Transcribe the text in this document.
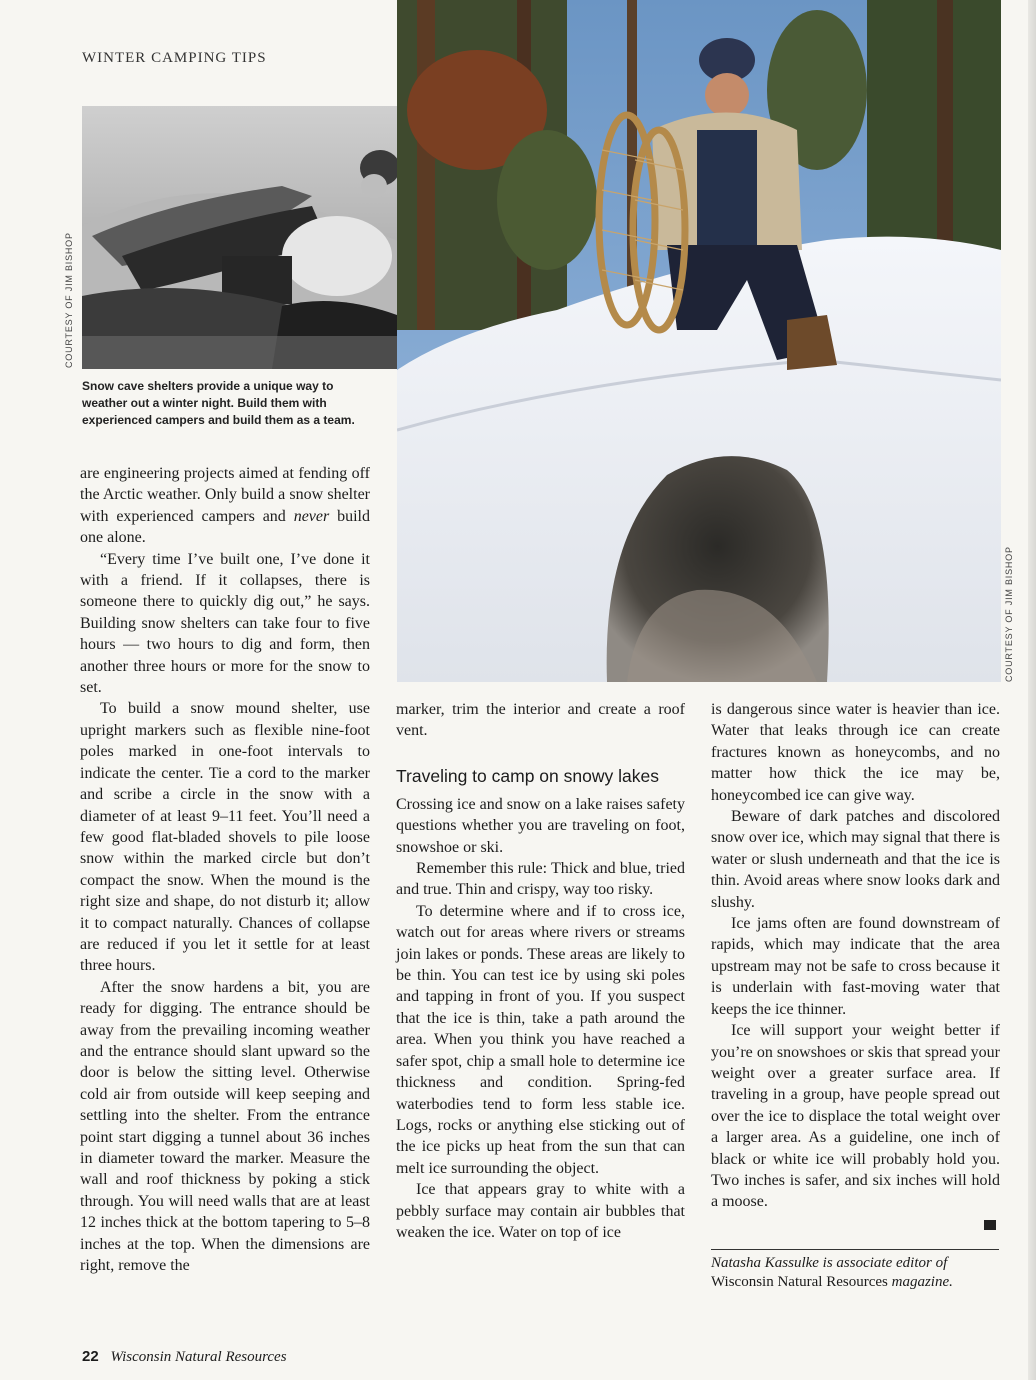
WINTER CAMPING TIPS
COURTESY OF JIM BISHOP
Snow cave shelters provide a unique way to weather out a winter night. Build them with experienced campers and build them as a team.
COURTESY OF JIM BISHOP

are engineering projects aimed at fending off the Arctic weather. Only build a snow shelter with experienced campers and never build one alone.

“Every time I’ve built one, I’ve done it with a friend. If it collapses, there is someone there to quickly dig out,” he says. Building snow shelters can take four to five hours — two hours to dig and form, then another three hours or more for the snow to set.

To build a snow mound shelter, use upright markers such as flexible nine-foot poles marked in one-foot intervals to indicate the center. Tie a cord to the marker and scribe a circle in the snow with a diameter of at least 9–11 feet. You’ll need a few good flat-bladed shovels to pile loose snow within the marked circle but don’t compact the snow. When the mound is the right size and shape, do not disturb it; allow it to compact naturally. Chances of collapse are reduced if you let it settle for at least three hours.

After the snow hardens a bit, you are ready for digging. The entrance should be away from the prevailing incoming weather and the entrance should slant upward so the door is below the sitting level. Otherwise cold air from outside will keep seeping and settling into the shelter. From the entrance point start digging a tunnel about 36 inches in diameter toward the marker. Measure the wall and roof thickness by poking a stick through. You will need walls that are at least 12 inches thick at the bottom tapering to 5–8 inches at the top. When the dimensions are right, remove the

marker, trim the interior and create a roof vent.

Traveling to camp on snowy lakes

Crossing ice and snow on a lake raises safety questions whether you are traveling on foot, snowshoe or ski.

Remember this rule: Thick and blue, tried and true. Thin and crispy, way too risky.

To determine where and if to cross ice, watch out for areas where rivers or streams join lakes or ponds. These areas are likely to be thin. You can test ice by using ski poles and tapping in front of you. If you suspect that the ice is thin, take a path around the area. When you think you have reached a safer spot, chip a small hole to determine ice thickness and condition. Spring-fed waterbodies tend to form less stable ice. Logs, rocks or anything else sticking out of the ice picks up heat from the sun that can melt ice surrounding the object.

Ice that appears gray to white with a pebbly surface may contain air bubbles that weaken the ice. Water on top of ice

is dangerous since water is heavier than ice. Water that leaks through ice can create fractures known as honeycombs, and no matter how thick the ice may be, honeycombed ice can give way.

Beware of dark patches and discolored snow over ice, which may signal that there is water or slush underneath and that the ice is thin. Avoid areas where snow looks dark and slushy.

Ice jams often are found downstream of rapids, which may indicate that the area upstream may not be safe to cross because it is underlain with fast-moving water that keeps the ice thinner.

Ice will support your weight better if you’re on snowshoes or skis that spread your weight over a greater surface area. If traveling in a group, have people spread out over the ice to displace the total weight over a larger area. As a guideline, one inch of black or white ice will probably hold you. Two inches is safer, and six inches will hold a moose.

Natasha Kassulke is associate editor of Wisconsin Natural Resources magazine.
22 Wisconsin Natural Resources
